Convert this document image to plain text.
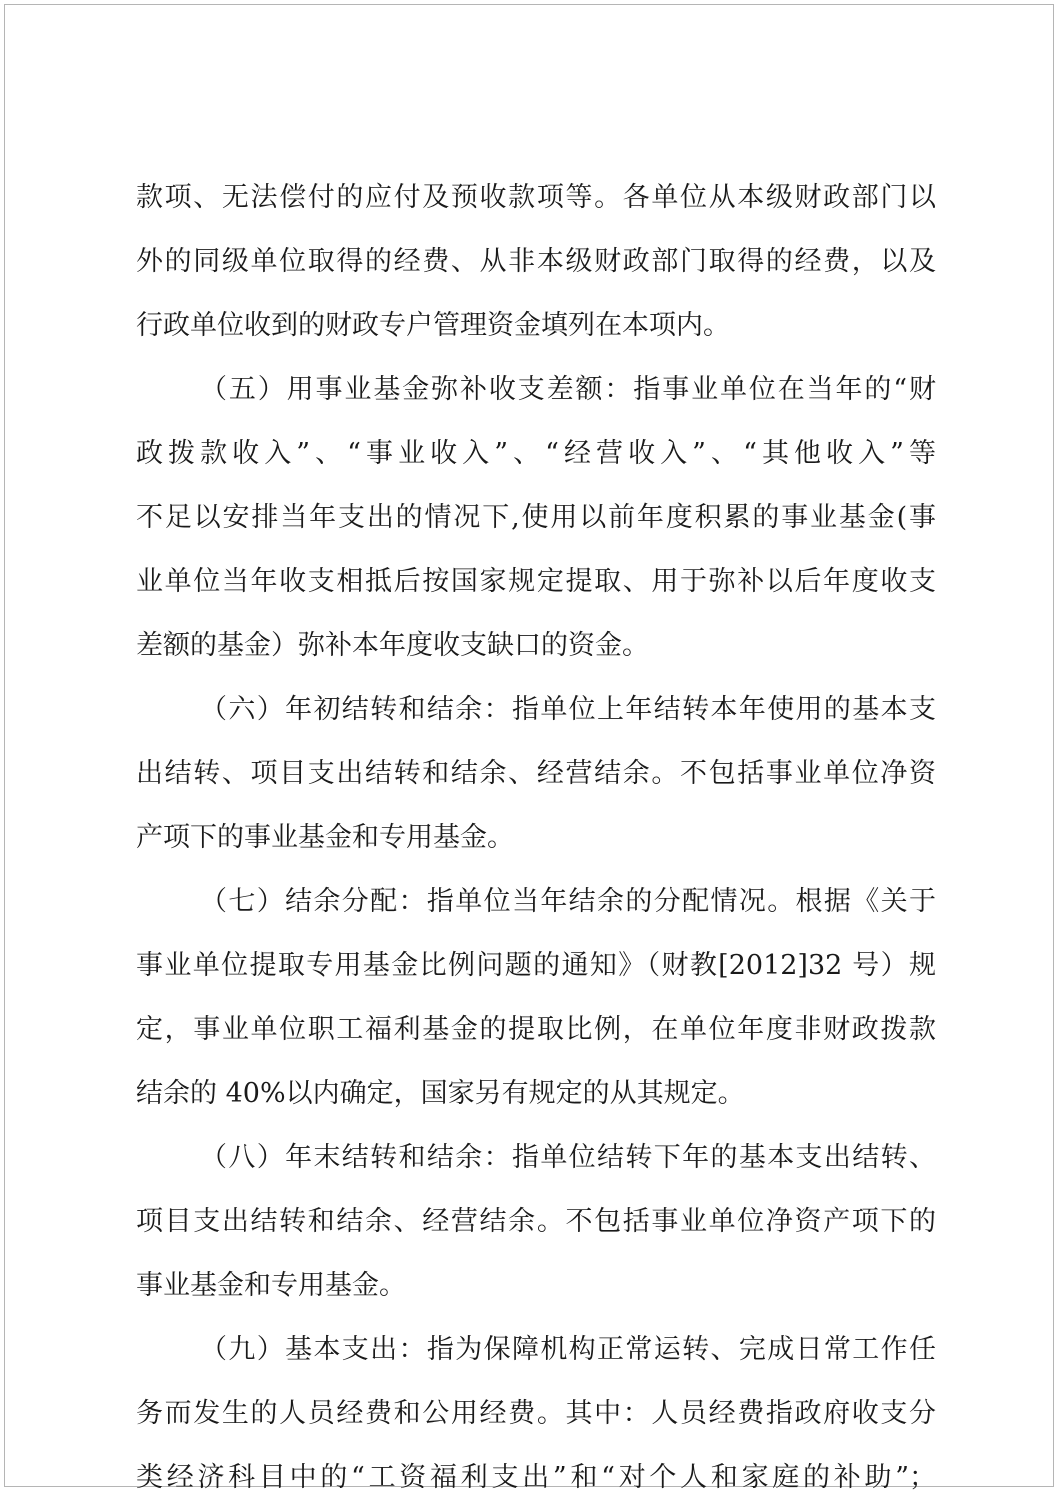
款项、无法偿付的应付及预收款项等。各单位从本级财政部门以
外的同级单位取得的经费、从非本级财政部门取得的经费，以及
行政单位收到的财政专户管理资金填列在本项内。
（五）用事业基金弥补收支差额：指事业单位在当年的“财
政拨款收入”、“事业收入”、“经营收入”、“其他收入”等
不足以安排当年支出的情况下,使用以前年度积累的事业基金(事
业单位当年收支相抵后按国家规定提取、用于弥补以后年度收支
差额的基金）弥补本年度收支缺口的资金。
（六）年初结转和结余：指单位上年结转本年使用的基本支
出结转、项目支出结转和结余、经营结余。不包括事业单位净资
产项下的事业基金和专用基金。
（七）结余分配：指单位当年结余的分配情况。根据《关于
事业单位提取专用基金比例问题的通知》（财教[2012]32 号）规
定，事业单位职工福利基金的提取比例，在单位年度非财政拨款
结余的 40%以内确定，国家另有规定的从其规定。
（八）年末结转和结余：指单位结转下年的基本支出结转、
项目支出结转和结余、经营结余。不包括事业单位净资产项下的
事业基金和专用基金。
（九）基本支出：指为保障机构正常运转、完成日常工作任
务而发生的人员经费和公用经费。其中：人员经费指政府收支分
类经济科目中的“工资福利支出”和“对个人和家庭的补助”；
